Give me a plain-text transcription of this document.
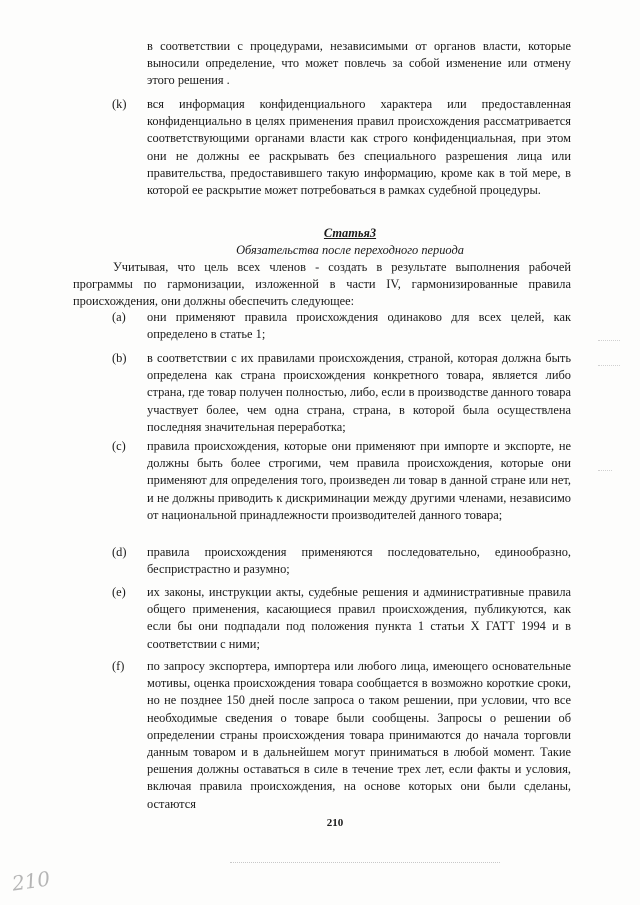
в соответствии с процедурами, независимыми от органов власти, которые выносили определение, что может повлечь за собой изменение или отмену этого решения .
(k) вся информация конфиденциального характера или предоставленная конфиденциально в целях применения правил происхождения рассматривается соответствующими органами власти как строго конфиденциальная, при этом они не должны ее раскрывать без специального разрешения лица или правительства, предоставившего такую информацию, кроме как в той мере, в которой ее раскрытие может потребоваться в рамках судебной процедуры.
Статья3
Обязательства после переходного периода
Учитывая, что цель всех членов - создать в результате выполнения рабочей программы по гармонизации, изложенной в части IV, гармонизированные правила происхождения, они должны обеспечить следующее:
(a) они применяют правила происхождения одинаково для всех целей, как определено в статье 1;
(b) в соответствии с их правилами происхождения, страной, которая должна быть определена как страна происхождения конкретного товара, является либо страна, где товар получен полностью, либо, если в производстве данного товара участвует более, чем одна страна, страна, в которой была осуществлена последняя значительная переработка;
(c) правила происхождения, которые они применяют при импорте и экспорте, не должны быть более строгими, чем правила происхождения, которые они применяют для определения того, произведен ли товар в данной стране или нет, и не должны приводить к дискриминации между другими членами, независимо от национальной принадлежности производителей данного товара;
(d) правила происхождения применяются последовательно, единообразно, беспристрастно и разумно;
(e) их законы, инструкции акты, судебные решения и административные правила общего применения, касающиеся правил происхождения, публикуются, как если бы они подпадали под положения пункта 1 статьи X ГАТТ 1994 и в соответствии с ними;
(f) по запросу экспортера, импортера или любого лица, имеющего основательные мотивы, оценка происхождения товара сообщается в возможно короткие сроки, но не позднее 150 дней после запроса о таком решении, при условии, что все необходимые сведения о товаре были сообщены. Запросы о решении об определении страны происхождения товара принимаются до начала торговли данным товаром и в дальнейшем могут приниматься в любой момент. Такие решения должны оставаться в силе в течение трех лет, если факты и условия, включая правила происхождения, на основе которых они были сделаны, остаются
210
210
